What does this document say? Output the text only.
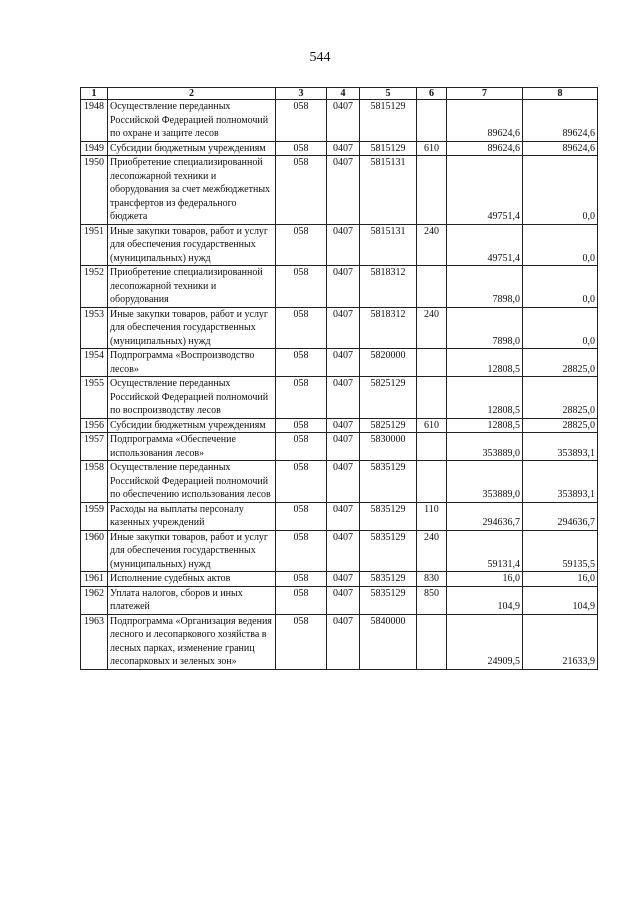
544
1	2	3	4	5	6	7	8
1948	Осуществление переданных Российской Федерацией полномочий по охране и защите лесов	058	0407	5815129		89624,6	89624,6
1949	Субсидии бюджетным учреждениям	058	0407	5815129	610	89624,6	89624,6
1950	Приобретение специализированной лесопожарной техники и оборудования за счет межбюджетных трансфертов из федерального бюджета	058	0407	5815131		49751,4	0,0
1951	Иные закупки товаров, работ и услуг для обеспечения государственных (муниципальных) нужд	058	0407	5815131	240	49751,4	0,0
1952	Приобретение специализированной лесопожарной техники и оборудования	058	0407	5818312		7898,0	0,0
1953	Иные закупки товаров, работ и услуг для обеспечения государственных (муниципальных) нужд	058	0407	5818312	240	7898,0	0,0
1954	Подпрограмма «Воспроизводство лесов»	058	0407	5820000		12808,5	28825,0
1955	Осуществление переданных Российской Федерацией полномочий по воспроизводству лесов	058	0407	5825129		12808,5	28825,0
1956	Субсидии бюджетным учреждениям	058	0407	5825129	610	12808,5	28825,0
1957	Подпрограмма «Обеспечение использования лесов»	058	0407	5830000		353889,0	353893,1
1958	Осуществление переданных Российской Федерацией полномочий по обеспечению использования лесов	058	0407	5835129		353889,0	353893,1
1959	Расходы на выплаты персоналу казенных учреждений	058	0407	5835129	110	294636,7	294636,7
1960	Иные закупки товаров, работ и услуг для обеспечения государственных (муниципальных) нужд	058	0407	5835129	240	59131,4	59135,5
1961	Исполнение судебных актов	058	0407	5835129	830	16,0	16,0
1962	Уплата налогов, сборов и иных платежей	058	0407	5835129	850	104,9	104,9
1963	Подпрограмма «Организация ведения лесного и лесопаркового хозяйства в лесных парках, изменение границ лесопарковых и зеленых зон»	058	0407	5840000		24909,5	21633,9
